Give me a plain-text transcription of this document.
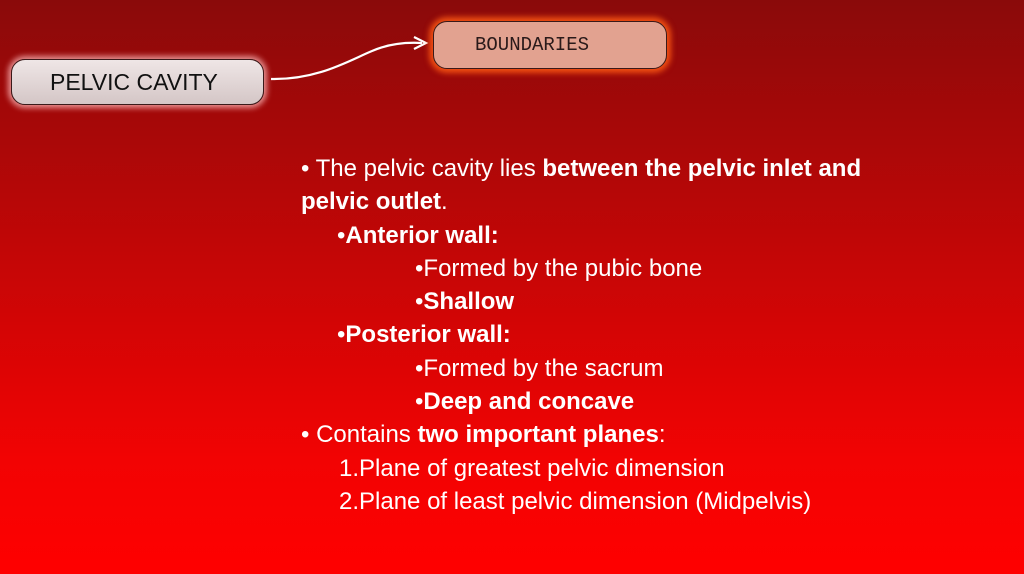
PELVIC CAVITY
BOUNDARIES
• The pelvic cavity lies between the pelvic inlet and
pelvic outlet.
•Anterior wall:
•Formed by the pubic bone
•Shallow
•Posterior wall:
•Formed by the sacrum
•Deep and concave
• Contains two important planes:
1.Plane of greatest pelvic dimension
2.Plane of least pelvic dimension (Midpelvis)
